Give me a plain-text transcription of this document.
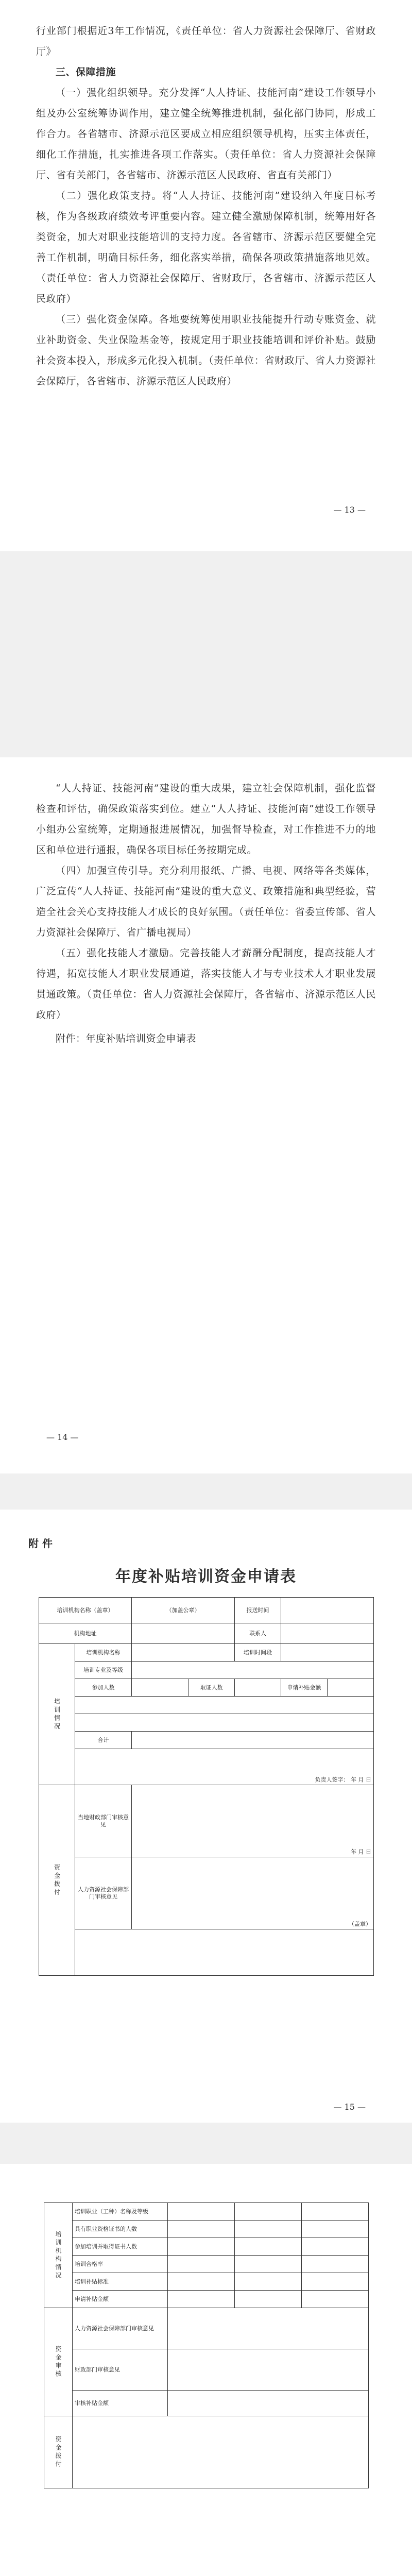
行业部门根据近3年工作情况，《责任单位：省人力资源社会保障厅、省财政厅》

三、保障措施

（一）强化组织领导。充分发挥“人人持证、技能河南”建设工作领导小组及办公室统筹协调作用，建立健全统筹推进机制，强化部门协同，形成工作合力。各省辖市、济源示范区要成立相应组织领导机构，压实主体责任，细化工作措施，扎实推进各项工作落实。（责任单位：省人力资源社会保障厅、省有关部门，各省辖市、济源示范区人民政府、省直有关部门）

（二）强化政策支持。将“人人持证、技能河南”建设纳入年度目标考核，作为各级政府绩效考评重要内容。建立健全激励保障机制，统筹用好各类资金，加大对职业技能培训的支持力度。各省辖市、济源示范区要健全完善工作机制，明确目标任务，细化落实举措，确保各项政策措施落地见效。（责任单位：省人力资源社会保障厅、省财政厅，各省辖市、济源示范区人民政府）

（三）强化资金保障。各地要统筹使用职业技能提升行动专账资金、就业补助资金、失业保险基金等，按规定用于职业技能培训和评价补贴。鼓励社会资本投入，形成多元化投入机制。（责任单位：省财政厅、省人力资源社会保障厅，各省辖市、济源示范区人民政府）

— 13 —

“人人持证、技能河南”建设的重大成果，建立社会保障机制，强化监督检查和评估，确保政策落实到位。建立“人人持证、技能河南”建设工作领导小组办公室统筹，定期通报进展情况，加强督导检查，对工作推进不力的地区和单位进行通报，确保各项目标任务按期完成。

（四）加强宣传引导。充分利用报纸、广播、电视、网络等各类媒体，广泛宣传“人人持证、技能河南”建设的重大意义、政策措施和典型经验，营造全社会关心支持技能人才成长的良好氛围。（责任单位：省委宣传部、省人力资源社会保障厅、省广播电视局）

（五）强化技能人才激励。完善技能人才薪酬分配制度，提高技能人才待遇，拓宽技能人才职业发展通道，落实技能人才与专业技术人才职业发展贯通政策。（责任单位：省人力资源社会保障厅，各省辖市、济源示范区人民政府）

附件：年度补贴培训资金申请表

— 14 —
附 件
年度补贴培训资金申请表
培训机构名称（盖章）		（加盖公章）		报送时间		
机构地址				联系人		
培训情况	培训机构名称			培训时间段		
	培训专业及等级					
	参加人数		取证人数		申请补贴金额	

	合计					
	负责人签字： 年 月 日					
资金拨付	当地财政部门审核意见	年 月 日				
	人力资源社会保障部门审核意见	（盖章）				

— 15 —
培训机构情况	培训职业（工种）名称及等级			
	具有职业资格证书的人数			
	参加培训并取得证书人数			
	培训合格率			
	培训补贴标准			
	申请补贴金额			
资金审核	人力资源社会保障部门审核意见			
	财政部门审核意见			
	审核补贴金额			
资金拨付				
